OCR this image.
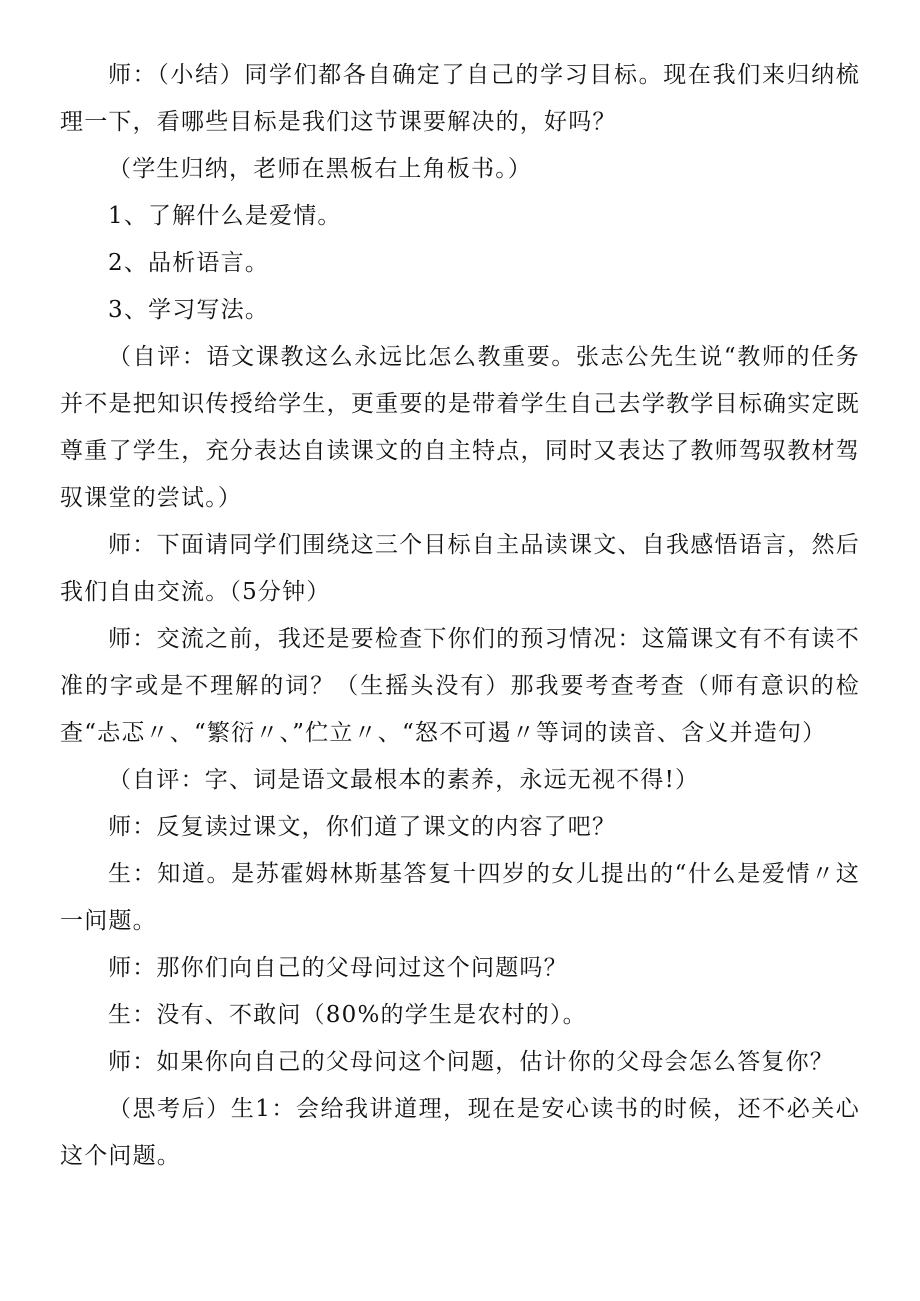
师：（小结）同学们都各自确定了自己的学习目标。现在我们来归纳梳理一下，看哪些目标是我们这节课要解决的，好吗？

（学生归纳，老师在黑板右上角板书。）

1、了解什么是爱情。

2、品析语言。

3、学习写法。

（自评：语文课教这么永远比怎么教重要。张志公先生说“教师的任务并不是把知识传授给学生，更重要的是带着学生自己去学教学目标确实定既尊重了学生，充分表达自读课文的自主特点，同时又表达了教师驾驭教材驾驭课堂的尝试。）

师：下面请同学们围绕这三个目标自主品读课文、自我感悟语言，然后我们自由交流。（5分钟）

师：交流之前，我还是要检查下你们的预习情况：这篇课文有不有读不准的字或是不理解的词？（生摇头没有）那我要考查考查（师有意识的检查“忐忑〃、“繁衍〃、”伫立〃、“怒不可遏〃等词的读音、含义并造句）

（自评：字、词是语文最根本的素养，永远无视不得!）

师：反复读过课文，你们道了课文的内容了吧？

生：知道。是苏霍姆林斯基答复十四岁的女儿提出的“什么是爱情〃这一问题。

师：那你们向自己的父母问过这个问题吗？

生：没有、不敢问（80%的学生是农村的）。

师：如果你向自己的父母问这个问题，估计你的父母会怎么答复你？

（思考后）生1：会给我讲道理，现在是安心读书的时候，还不必关心这个问题。
